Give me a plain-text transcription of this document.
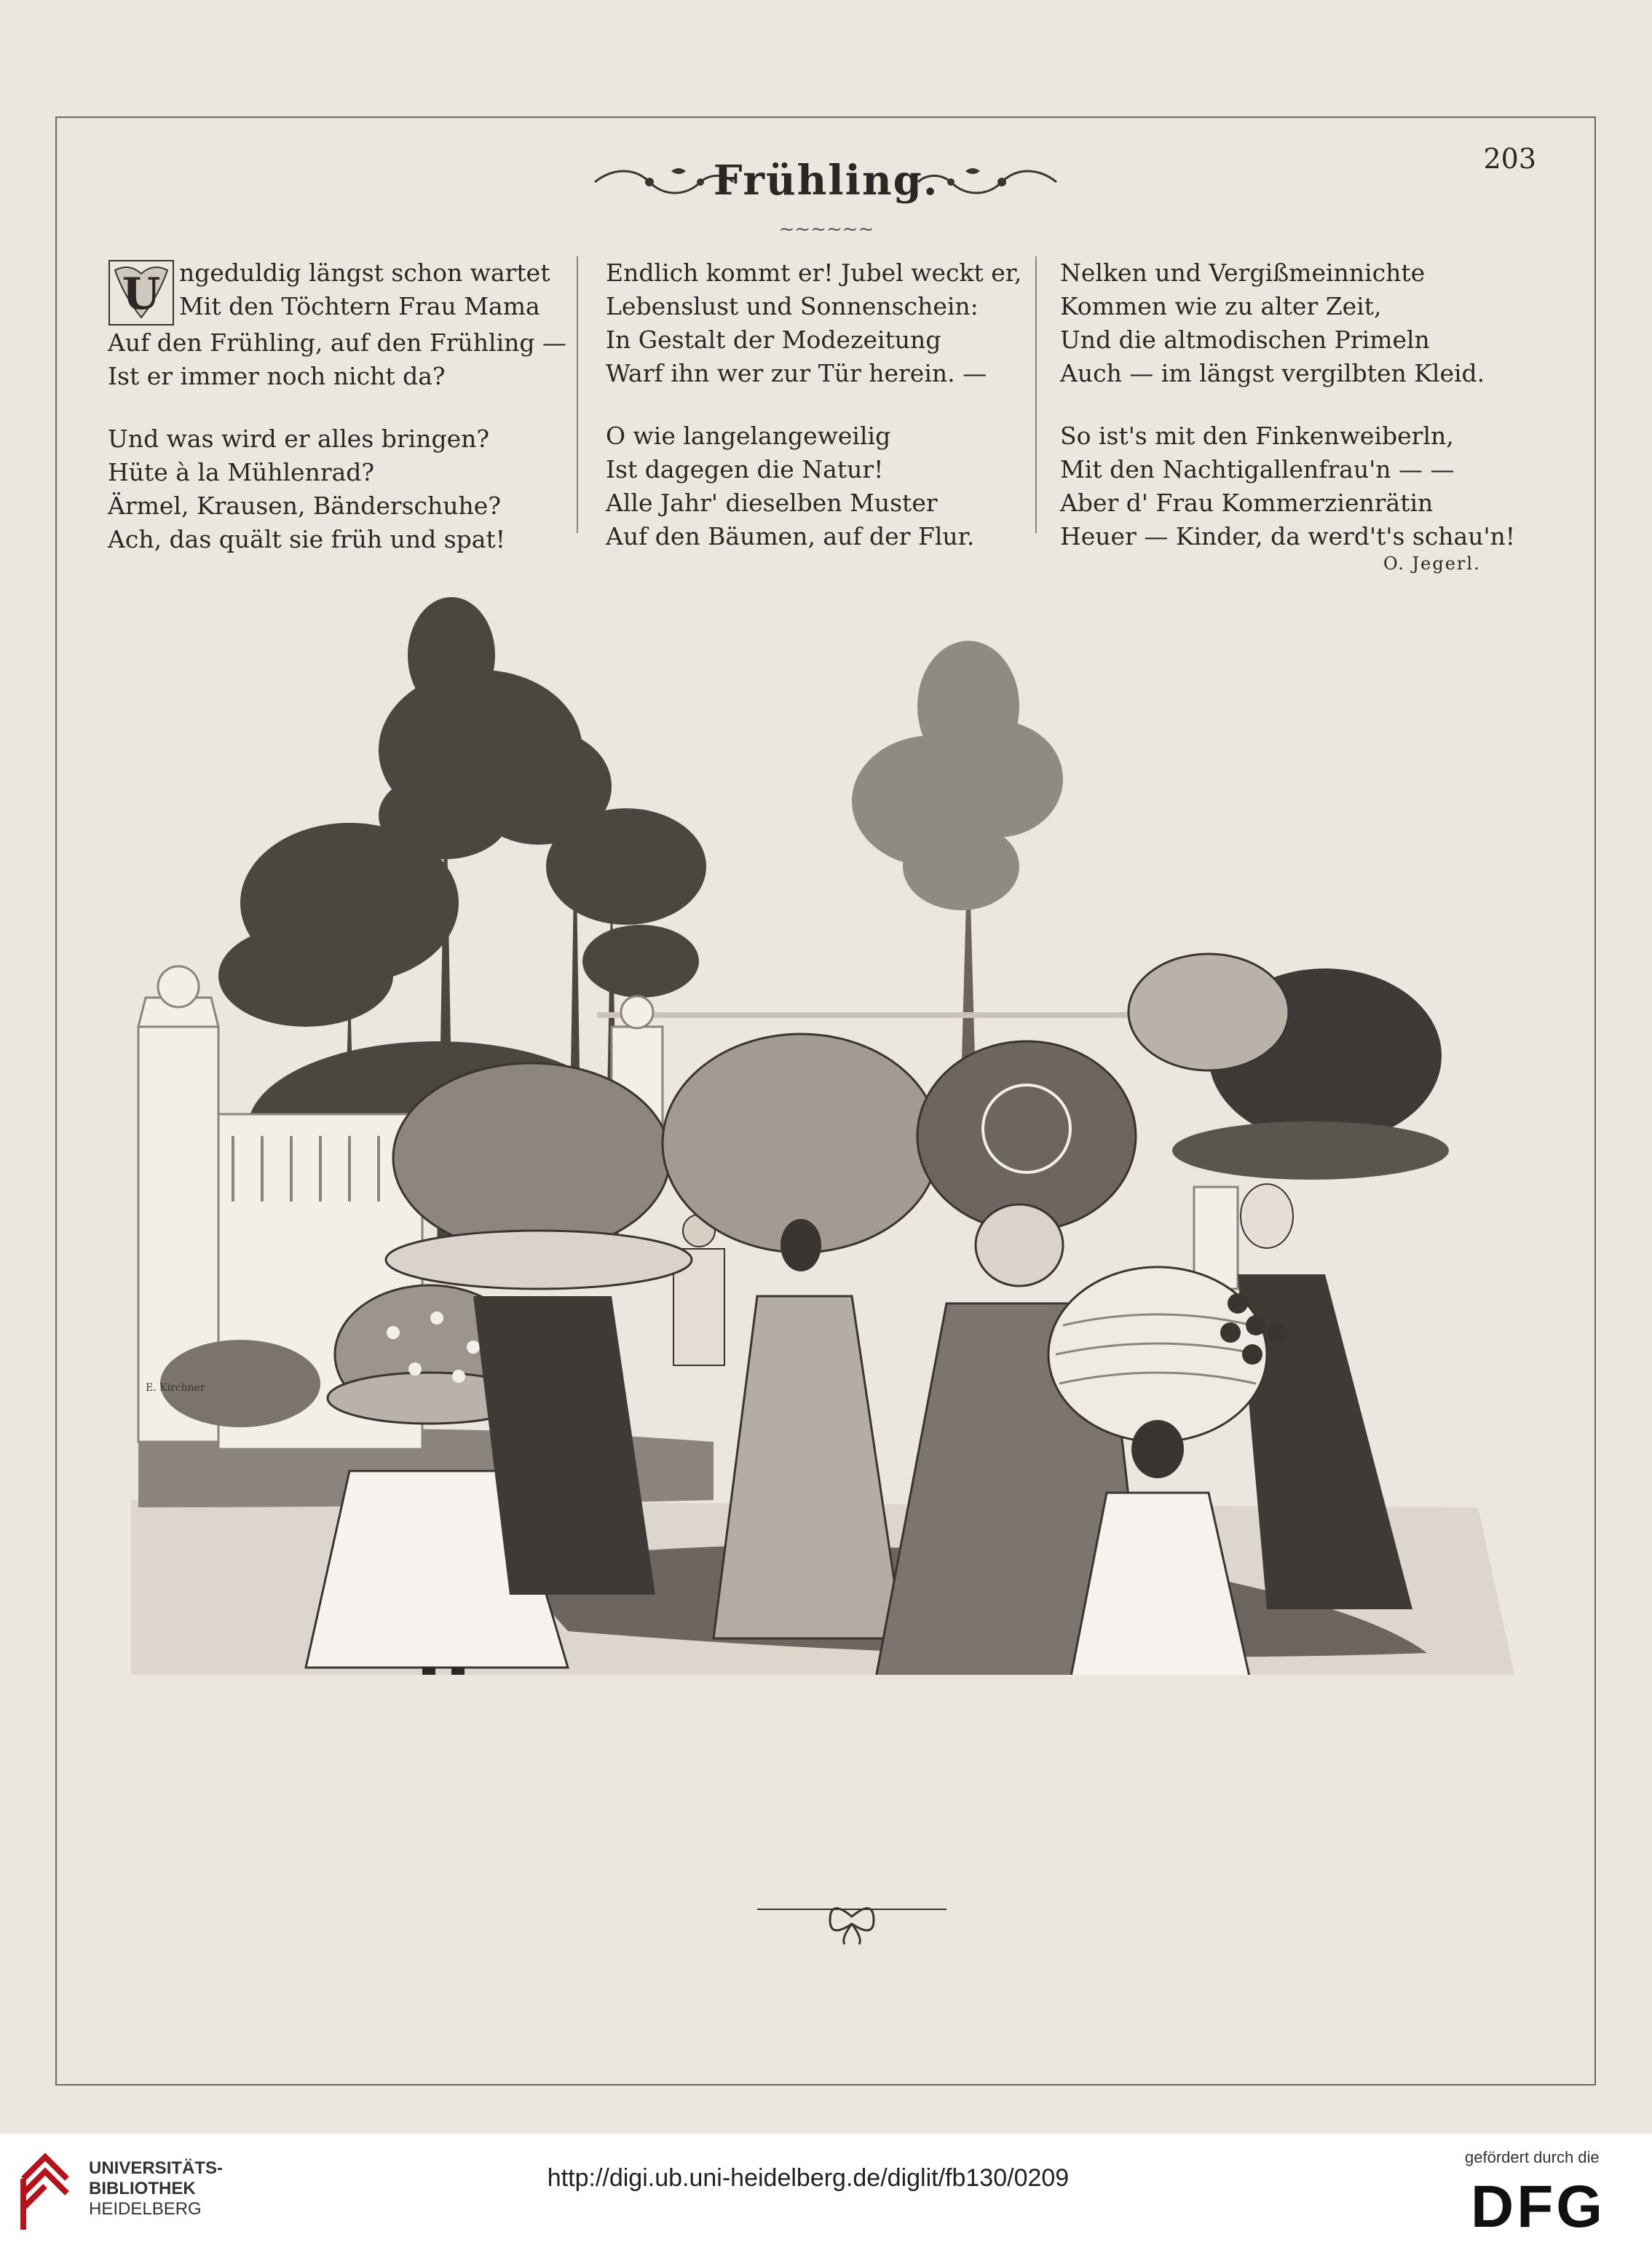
203
Frühling.
~~~~~~
U ngeduldig längst schon wartet
Mit den Töchtern Frau Mama
Auf den Frühling, auf den Frühling —
Ist er immer noch nicht da?
Und was wird er alles bringen?
Hüte à la Mühlenrad?
Ärmel, Krausen, Bänderschuhe?
Ach, das quält sie früh und spat!
Endlich kommt er! Jubel weckt er,
Lebenslust und Sonnenschein:
In Gestalt der Modezeitung
Warf ihn wer zur Tür herein. —
O wie langelangeweilig
Ist dagegen die Natur!
Alle Jahr' dieselben Muster
Auf den Bäumen, auf der Flur.
Nelken und Vergißmeinnichte
Kommen wie zu alter Zeit,
Und die altmodischen Primeln
Auch — im längst vergilbten Kleid.
So ist's mit den Finkenweiberln,
Mit den Nachtigallenfrau'n — —
Aber d' Frau Kommerzienrätin
Heuer — Kinder, da werd't's schau'n!
O. Jegerl.
E. Kirchner
UNIVERSITÄTS-
BIBLIOTHEK
HEIDELBERG
http://digi.ub.uni-heidelberg.de/diglit/fb130/0209
gefördert durch die
DFG
